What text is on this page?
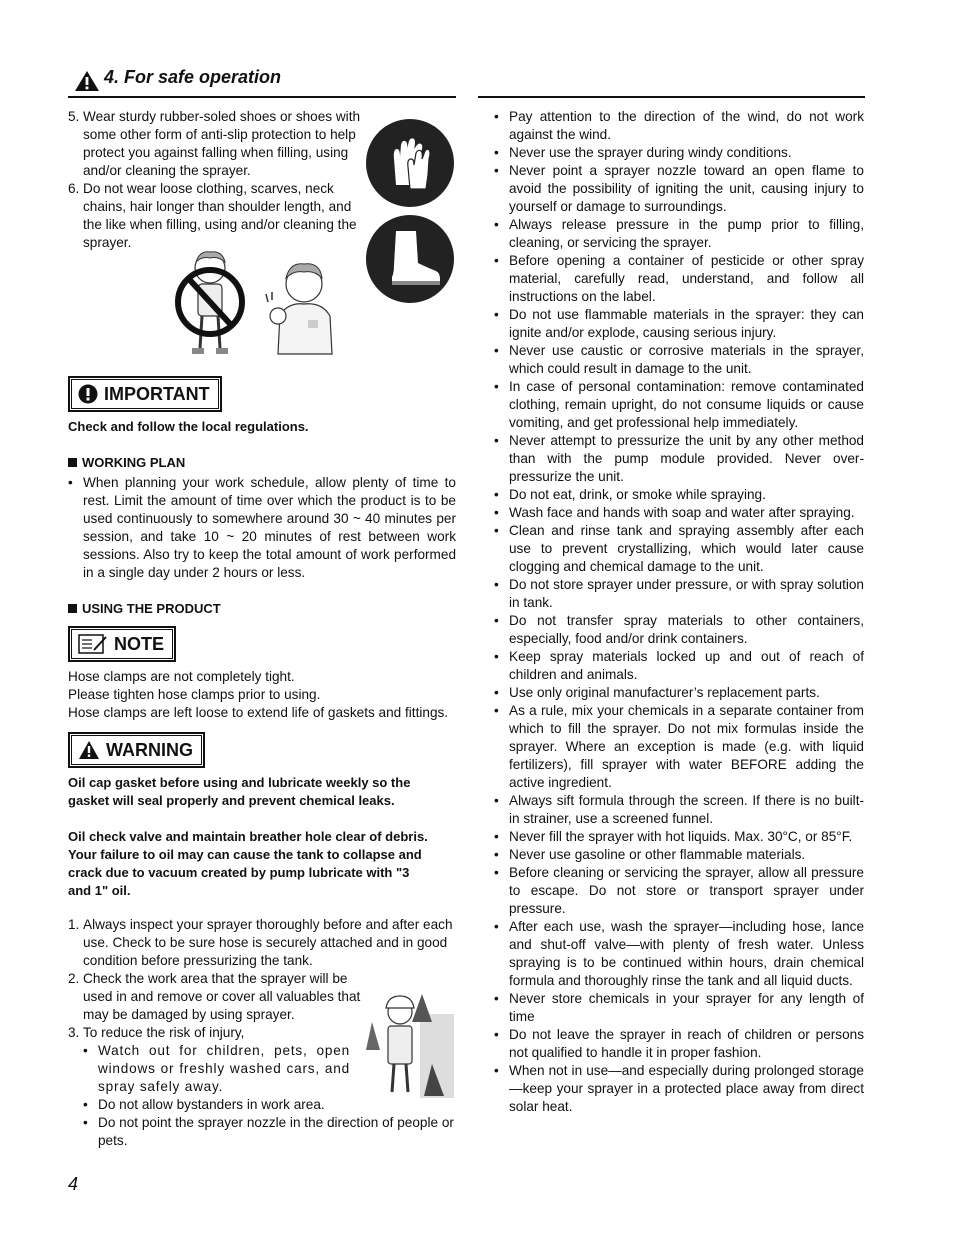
4. For safe operation
5. Wear sturdy rubber-soled shoes or shoes with some other form of anti-slip protection to help protect you against falling when filling, using and/or cleaning the sprayer.
6. Do not wear loose clothing, scarves, neck chains, hair longer than shoulder length, and the like when filling, using and/or cleaning the sprayer.
IMPORTANT
Check and follow the local regulations.
WORKING PLAN
• When planning your work schedule, allow plenty of time to rest. Limit the amount of time over which the product is to be used continuously to somewhere around 30 ~ 40 minutes per session, and take 10 ~ 20 minutes of rest between work sessions. Also try to keep the total amount of work performed in a single day under 2 hours or less.
USING THE PRODUCT
NOTE
Hose clamps are not completely tight.
Please tighten hose clamps prior to using.
Hose clamps are left loose to extend life of gaskets and fittings.
WARNING
Oil cap gasket before using and lubricate weekly so the gasket will seal properly and prevent chemical leaks.
Oil check valve and maintain breather hole clear of debris. Your failure to oil may can cause the tank to collapse and crack due to vacuum created by pump lubricate with "3 and 1" oil.
1. Always inspect your sprayer thoroughly before and after each use. Check to be sure hose is securely attached and in good condition before pressurizing the tank.
2. Check the work area that the sprayer will be used in and remove or cover all valuables that may be damaged by using sprayer.
3. To reduce the risk of injury,
• Watch out for children, pets, open windows or freshly washed cars, and spray safely away.
• Do not allow bystanders in work area.
• Do not point the sprayer nozzle in the direction of people or pets.
• Pay attention to the direction of the wind, do not work against the wind.
• Never use the sprayer during windy conditions.
• Never point a sprayer nozzle toward an open flame to avoid the possibility of igniting the unit, causing injury to yourself or damage to surroundings.
• Always release pressure in the pump prior to filling, cleaning, or servicing the sprayer.
• Before opening a container of pesticide or other spray material, carefully read, understand, and follow all instructions on the label.
• Do not use flammable materials in the sprayer: they can ignite and/or explode, causing serious injury.
• Never use caustic or corrosive materials in the sprayer, which could result in damage to the unit.
• In case of personal contamination: remove contaminated clothing, remain upright, do not consume liquids or cause vomiting, and get professional help immediately.
• Never attempt to pressurize the unit by any other method than with the pump module provided. Never over-pressurize the unit.
• Do not eat, drink, or smoke while spraying.
• Wash face and hands with soap and water after spraying.
• Clean and rinse tank and spraying assembly after each use to prevent crystallizing, which would later cause clogging and chemical damage to the unit.
• Do not store sprayer under pressure, or with spray solution in tank.
• Do not transfer spray materials to other containers, especially, food and/or drink containers.
• Keep spray materials locked up and out of reach of children and animals.
• Use only original manufacturer’s replacement parts.
• As a rule, mix your chemicals in a separate container from which to fill the sprayer. Do not mix formulas inside the sprayer. Where an exception is made (e.g. with liquid fertilizers), fill sprayer with water BEFORE adding the active ingredient.
• Always sift formula through the screen. If there is no built-in strainer, use a screened funnel.
• Never fill the sprayer with hot liquids. Max. 30°C, or 85°F.
• Never use gasoline or other flammable materials.
• Before cleaning or servicing the sprayer, allow all pressure to escape. Do not store or transport sprayer under pressure.
• After each use, wash the sprayer—including hose, lance and shut-off valve—with plenty of fresh water. Unless spraying is to be continued within hours, drain chemical formula and thoroughly rinse the tank and all liquid ducts.
• Never store chemicals in your sprayer for any length of time
• Do not leave the sprayer in reach of children or persons not qualified to handle it in proper fashion.
• When not in use—and especially during prolonged storage—keep your sprayer in a protected place away from direct solar heat.
4
